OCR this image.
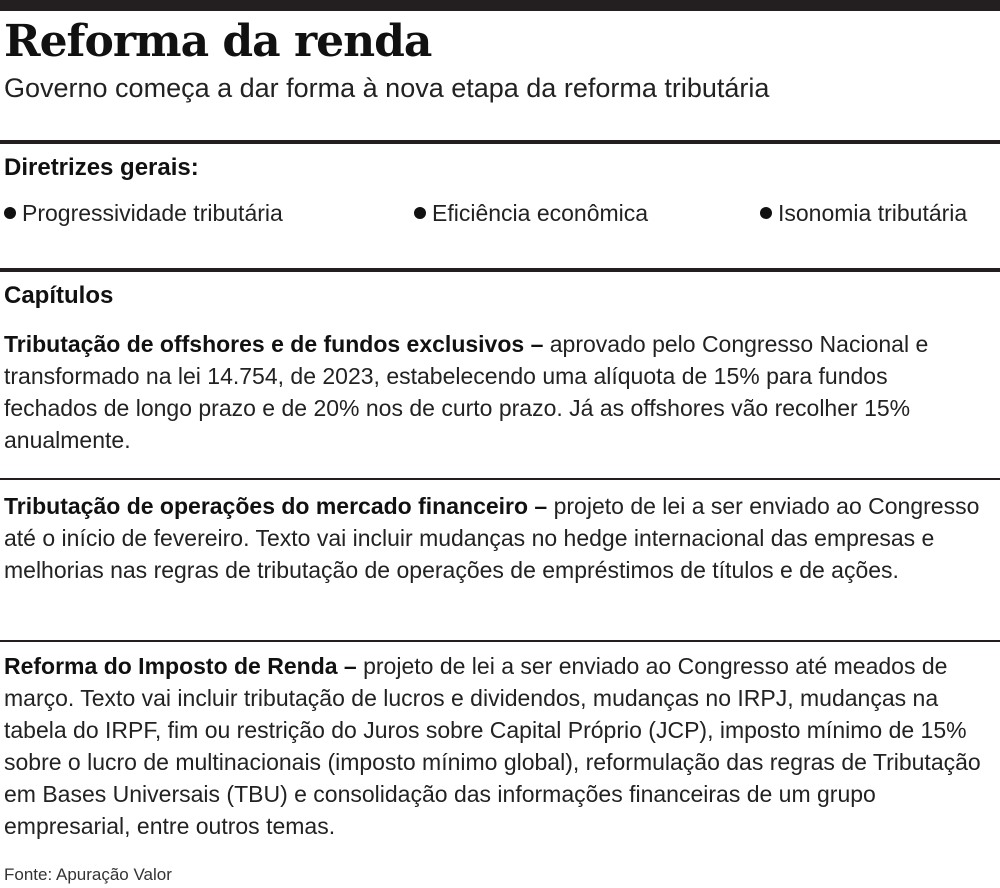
Reforma da renda

Governo começa a dar forma à nova etapa da reforma tributária

Diretrizes gerais:
Progressividade tributária	Eficiência econômica	Isonomia tributária
Capítulos

Tributação de offshores e de fundos exclusivos – aprovado pelo Congresso Nacional e transformado na lei 14.754, de 2023, estabelecendo uma alíquota de 15% para fundos fechados de longo prazo e de 20% nos de curto prazo. Já as offshores vão recolher 15% anualmente.

Tributação de operações do mercado financeiro – projeto de lei a ser enviado ao Congresso até o início de fevereiro. Texto vai incluir mudanças no hedge internacional das empresas e melhorias nas regras de tributação de operações de empréstimos de títulos e de ações.

Reforma do Imposto de Renda – projeto de lei a ser enviado ao Congresso até meados de março. Texto vai incluir tributação de lucros e dividendos, mudanças no IRPJ, mudanças na tabela do IRPF, fim ou restrição do Juros sobre Capital Próprio (JCP), imposto mínimo de 15% sobre o lucro de multinacionais (imposto mínimo global), reformulação das regras de Tributação em Bases Universais (TBU) e consolidação das informações financeiras de um grupo empresarial, entre outros temas.

Fonte: Apuração Valor
